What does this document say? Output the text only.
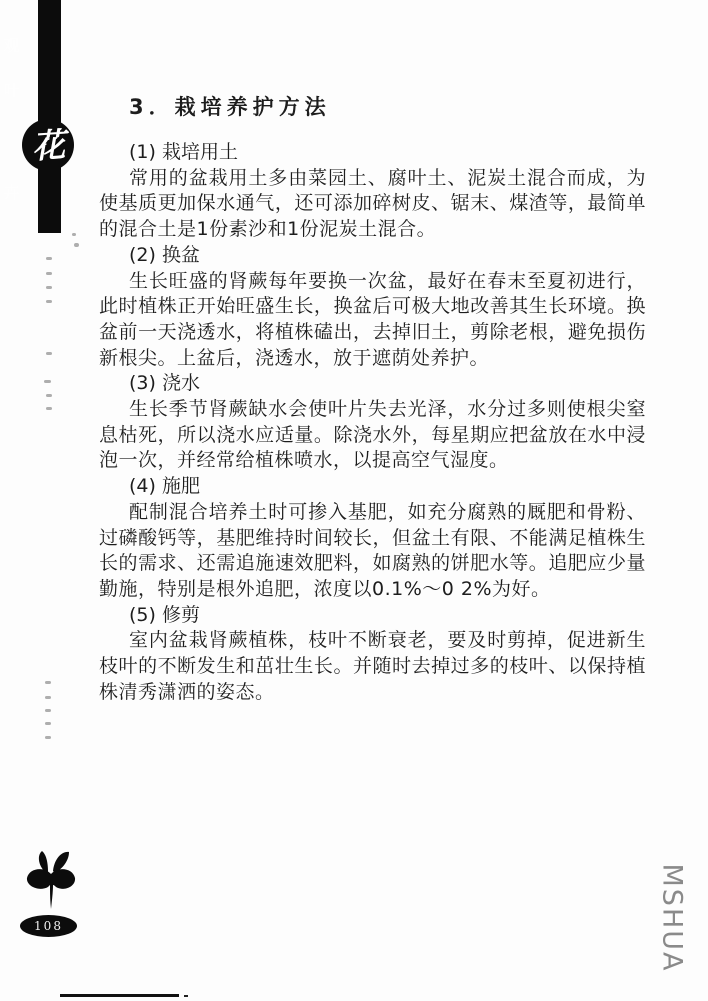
观
叶
花
卉
3．栽培养护方法

(1) 栽培用土

常用的盆栽用土多由菜园土、腐叶土、泥炭土混合而成，为使基质更加保水通气，还可添加碎树皮、锯末、煤渣等，最简单的混合土是1份素沙和1份泥炭土混合。

(2) 换盆

生长旺盛的肾蕨每年要换一次盆，最好在春末至夏初进行，此时植株正开始旺盛生长，换盆后可极大地改善其生长环境。换盆前一天浇透水，将植株磕出，去掉旧土，剪除老根，避免损伤新根尖。上盆后，浇透水，放于遮荫处养护。

(3) 浇水

生长季节肾蕨缺水会使叶片失去光泽，水分过多则使根尖窒息枯死，所以浇水应适量。除浇水外，每星期应把盆放在水中浸泡一次，并经常给植株喷水，以提高空气湿度。

(4) 施肥

配制混合培养土时可掺入基肥，如充分腐熟的厩肥和骨粉、过磷酸钙等，基肥维持时间较长，但盆土有限、不能满足植株生长的需求、还需追施速效肥料，如腐熟的饼肥水等。追肥应少量勤施，特别是根外追肥，浓度以0.1%～0 2%为好。

(5) 修剪

室内盆栽肾蕨植株，枝叶不断衰老，要及时剪掉，促进新生枝叶的不断发生和茁壮生长。并随时去掉过多的枝叶、以保持植株清秀潇洒的姿态。

108	MSHUA
